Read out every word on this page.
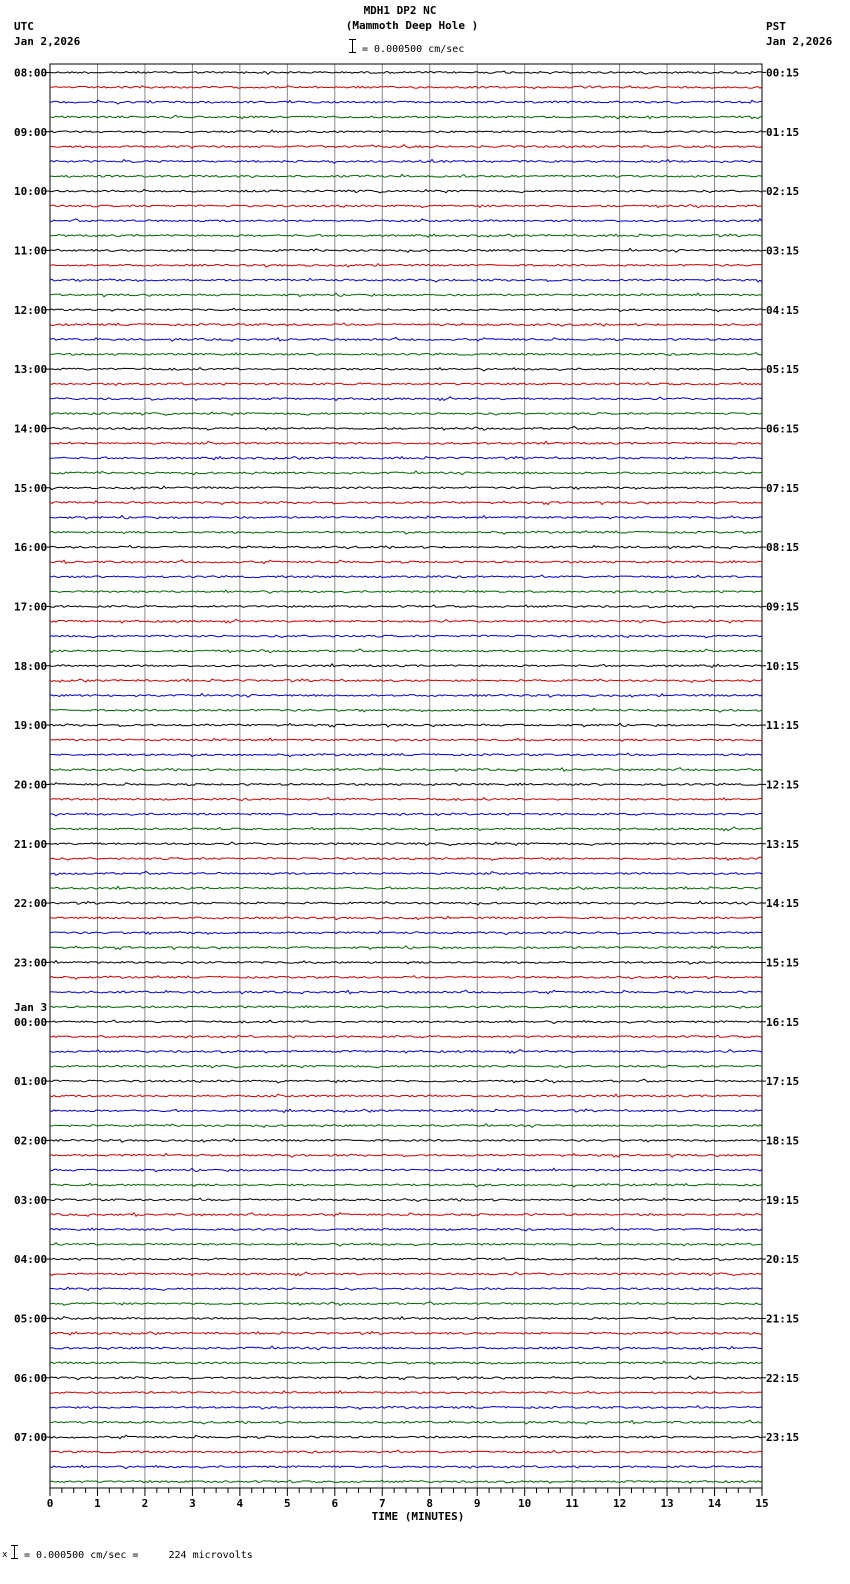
MDH1 DP2 NC
(Mammoth Deep Hole )
= 0.000500 cm/sec
UTC
Jan 2,2026
PST
Jan 2,2026
08:00
09:00
10:00
11:00
12:00
13:00
14:00
15:00
16:00
17:00
18:00
19:00
20:00
21:00
22:00
23:00
00:00
01:00
02:00
03:00
04:00
05:00
06:00
07:00
00:15
01:15
02:15
03:15
04:15
05:15
06:15
07:15
08:15
09:15
10:15
11:15
12:15
13:15
14:15
15:15
16:15
17:15
18:15
19:15
20:15
21:15
22:15
23:15
Jan 3
0	1	2	3	4	5	6	7	8	9	10	11	12	13	14	15
TIME (MINUTES)
x = 0.000500 cm/sec =     224 microvolts
